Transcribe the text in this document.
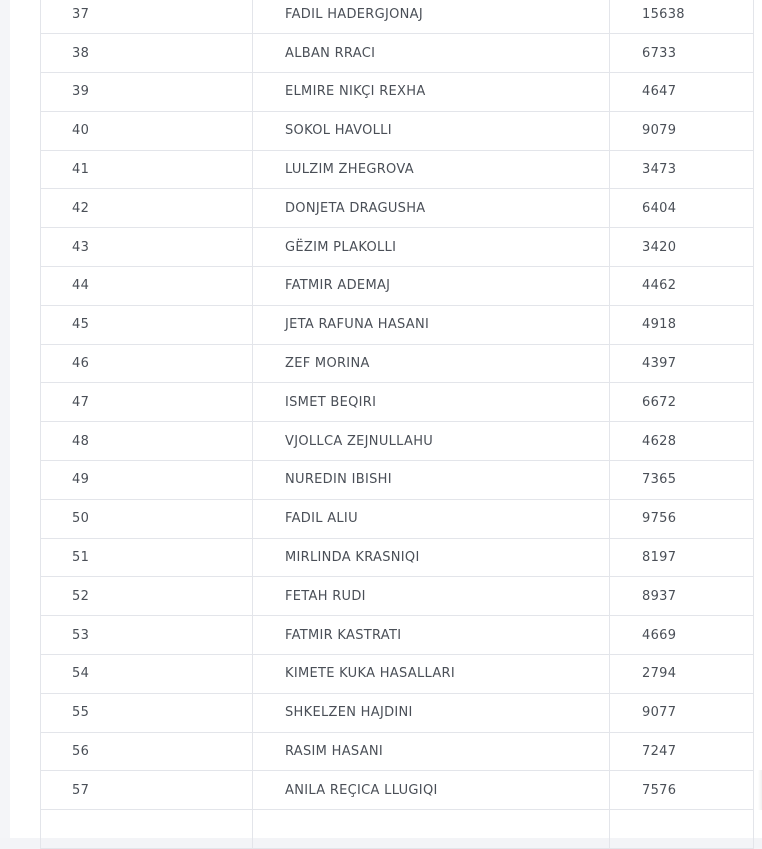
37	FADIL HADERGJONAJ	15638
38	ALBAN RRACI	6733
39	ELMIRE NIKÇI REXHA	4647
40	SOKOL HAVOLLI	9079
41	LULZIM ZHEGROVA	3473
42	DONJETA DRAGUSHA	6404
43	GËZIM PLAKOLLI	3420
44	FATMIR ADEMAJ	4462
45	JETA RAFUNA HASANI	4918
46	ZEF MORINA	4397
47	ISMET BEQIRI	6672
48	VJOLLCA ZEJNULLAHU	4628
49	NUREDIN IBISHI	7365
50	FADIL ALIU	9756
51	MIRLINDA KRASNIQI	8197
52	FETAH RUDI	8937
53	FATMIR KASTRATI	4669
54	KIMETE KUKA HASALLARI	2794
55	SHKELZEN HAJDINI	9077
56	RASIM HASANI	7247
57	ANILA REÇICA LLUGIQI	7576
